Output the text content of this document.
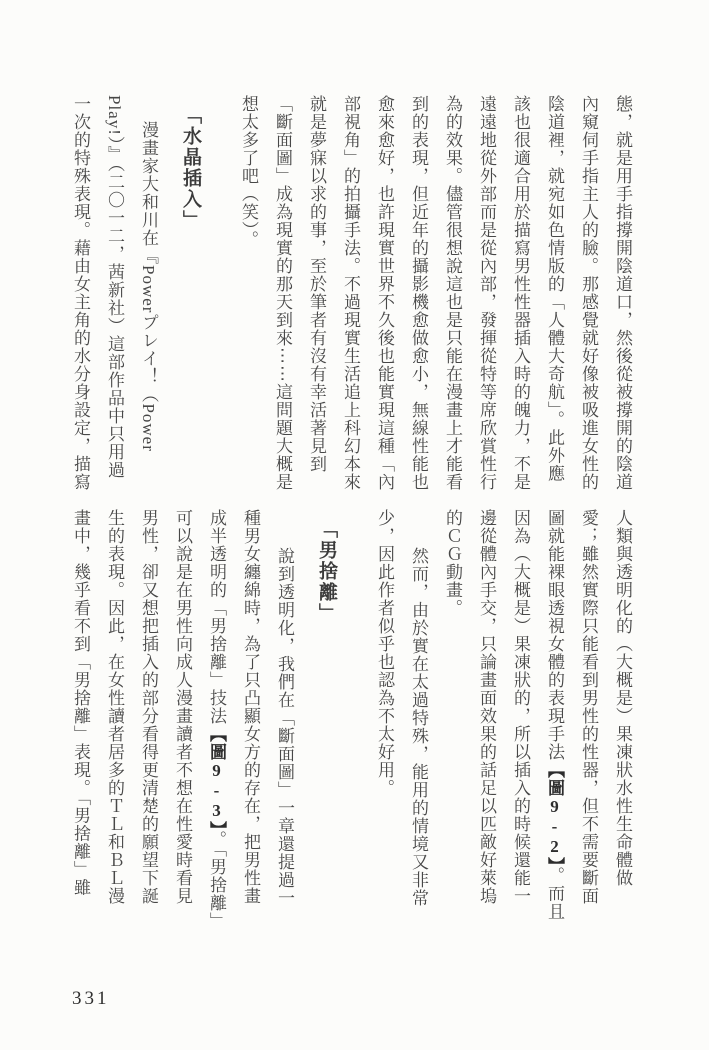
態，就是用手指撐開陰道口，然後從被撐開的陰道
內窺伺手指主人的臉。那感覺就好像被吸進女性的
陰道裡，就宛如色情版的「人體大奇航」。此外應
該也很適合用於描寫男性性器插入時的魄力，不是
遠遠地從外部而是從內部，發揮從特等席欣賞性行
為的效果。儘管很想說這也是只能在漫畫上才能看
到的表現，但近年的攝影機愈做愈小，無線性能也
愈來愈好，也許現實世界不久後也能實現這種「內
部視角」的拍攝手法。不過現實生活追上科幻本來
就是夢寐以求的事，至於筆者有沒有幸活著見到
「斷面圖」成為現實的那天到來⋯⋯這問題大概是
想太多了吧（笑）。
「水晶插入」
漫畫家大和川在『Powerプレイ！（Power
Play!）』（二〇一二，茜新社）這部作品中只用過
一次的特殊表現。藉由女主角的水分身設定，描寫
人類與透明化的（大概是）果凍狀水性生命體做
愛；雖然實際只能看到男性的性器，但不需要斷面
圖就能裸眼透視女體的表現手法【圖9-2】。而且
因為（大概是）果凍狀的，所以插入的時候還能一
邊從體內手交，只論畫面效果的話足以匹敵好萊塢
的ＣＧ動畫。
然而，由於實在太過特殊，能用的情境又非常
少，因此作者似乎也認為不太好用。
「男捨離」
說到透明化，我們在「斷面圖」一章還提過一
種男女纏綿時，為了只凸顯女方的存在，把男性畫
成半透明的「男捨離」技法【圖9-3】。「男捨離」
可以說是在男性向成人漫畫讀者不想在性愛時看見
男性，卻又想把插入的部分看得更清楚的願望下誕
生的表現。因此，在女性讀者居多的ＴＬ和ＢＬ漫
畫中，幾乎看不到「男捨離」表現。「男捨離」雖
331
